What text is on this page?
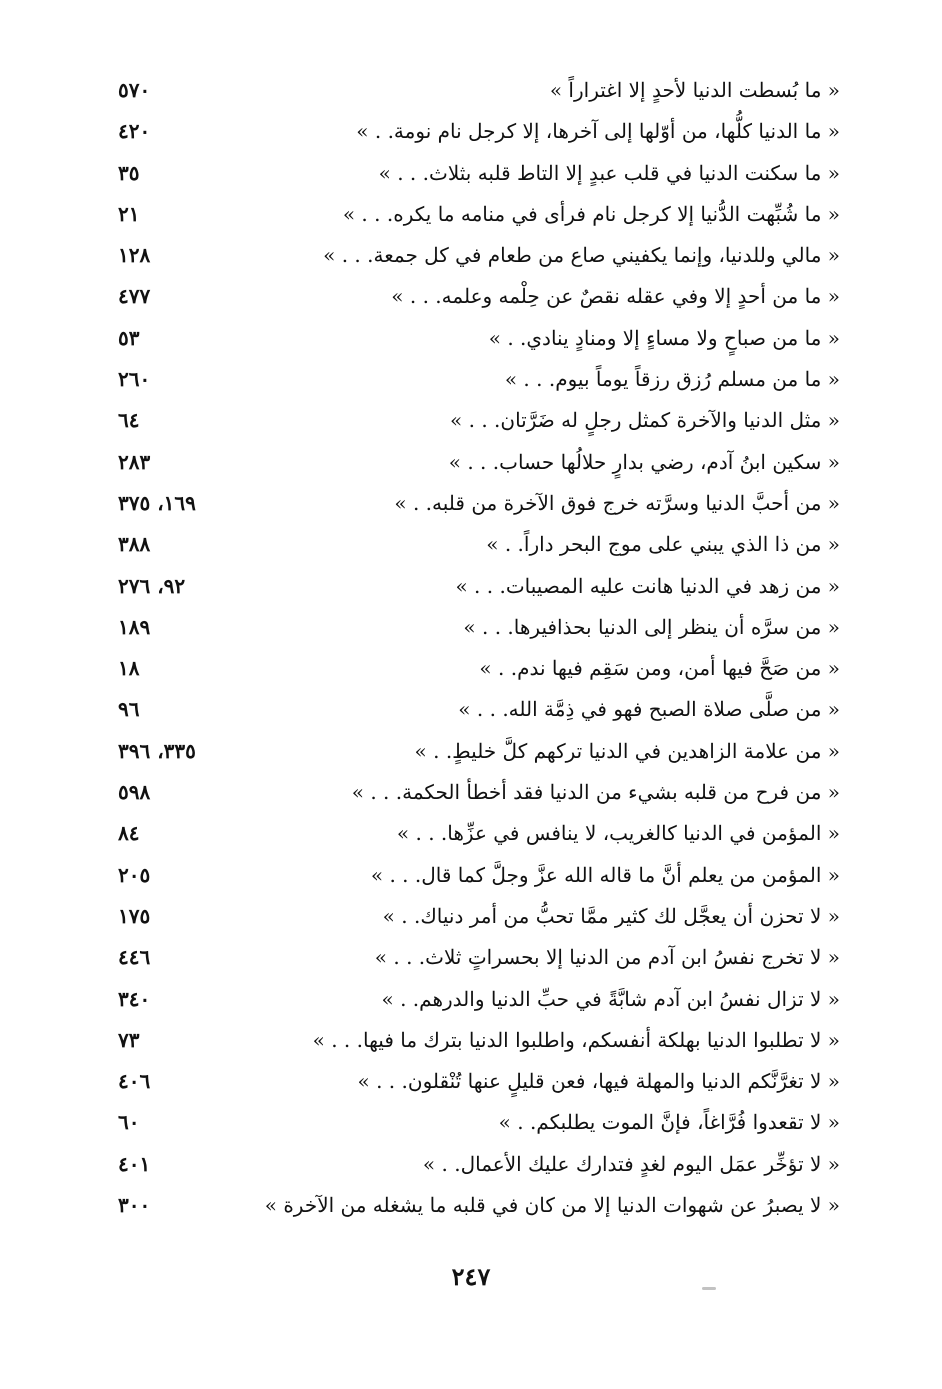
« ما بُسطت الدنيا لأحدٍ إلا اغتراراً »
٥٧٠
« ما الدنيا كلُّها، من أوّلها إلى آخرها، إلا كرجل نام نومة. . »
٤٢٠
« ما سكنت الدنيا في قلب عبدٍ إلا التاط قلبه بثلاث. . . »
٣٥
« ما شُبِّهت الدُّنيا إلا كرجل نام فرأى في منامه ما يكره. . . »
٢١
« مالي وللدنيا، وإنما يكفيني صاع من طعام في كل جمعة. . . »
١٢٨
« ما من أحدٍ إلا وفي عقله نقصٌ عن حِلْمه وعلمه. . . »
٤٧٧
« ما من صباحٍ ولا مساءٍ إلا ومنادٍ ينادي. . »
٥٣
« ما من مسلم رُزق رزقاً يوماً بيوم. . . »
٢٦٠
« مثل الدنيا والآخرة كمثل رجلٍ له ضَرَّتان. . . »
٦٤
« سكين ابنُ آدم، رضي بدارٍ حلالُها حساب. . . »
٢٨٣
« من أحبَّ الدنيا وسرَّته خرج فوق الآخرة من قلبه. . »
١٦٩، ٣٧٥
« من ذا الذي يبني على موج البحر داراً. . »
٣٨٨
« من زهد في الدنيا هانت عليه المصيبات. . . »
٩٢، ٢٧٦
« من سرَّه أن ينظر إلى الدنيا بحذافيرها. . . »
١٨٩
« من صَحَّ فيها أمن، ومن سَقِم فيها ندم. . »
١٨
« من صلَّى صلاة الصبح فهو في ذِمَّة الله. . . »
٩٦
« من علامة الزاهدين في الدنيا تركهم كلَّ خليطٍ. . »
٣٣٥، ٣٩٦
« من فرح من قلبه بشيء من الدنيا فقد أخطأ الحكمة. . . »
٥٩٨
« المؤمن في الدنيا كالغريب، لا ينافس في عزِّها. . . »
٨٤
« المؤمن من يعلم أنَّ ما قاله الله عزَّ وجلَّ كما قال. . . »
٢٠٥
« لا تحزن أن يعجَّل لك كثير ممَّا تحبُّ من أمر دنياك. . »
١٧٥
« لا تخرج نفسُ ابن آدم من الدنيا إلا بحسراتٍ ثلاث. . . »
٤٤٦
« لا تزال نفسُ ابن آدم شابَّةً في حبِّ الدنيا والدرهم. . »
٣٤٠
« لا تطلبوا الدنيا بهلكة أنفسكم، واطلبوا الدنيا بترك ما فيها. . . »
٧٣
« لا تغرَّنَّكم الدنيا والمهلة فيها، فعن قليلٍ عنها تُنْقلون. . . »
٤٠٦
« لا تقعدوا فُرَّاغاً، فإنَّ الموت يطلبكم. . »
٦٠
« لا تؤخِّر عمَل اليوم لغدٍ فتدارك عليك الأعمال. . »
٤٠١
« لا يصبرُ عن شهوات الدنيا إلا من كان في قلبه ما يشغله من الآخرة »
٣٠٠
٢٤٧
